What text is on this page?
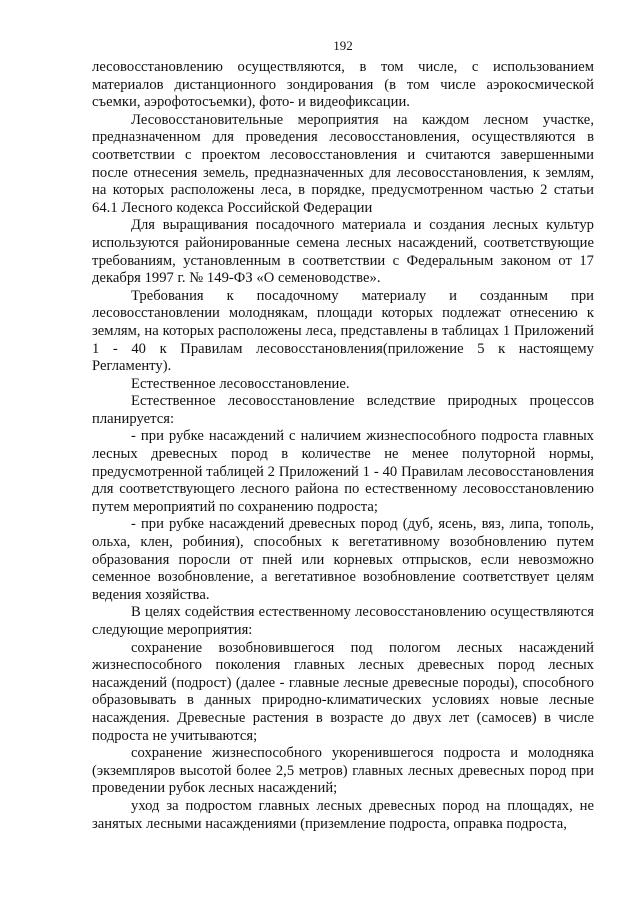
192

лесовосстановлению осуществляются, в том числе, с использованием материалов дистанционного зондирования (в том числе аэрокосмической съемки, аэрофотосъемки), фото- и видеофиксации.

Лесовосстановительные мероприятия на каждом лесном участке, предназначенном для проведения лесовосстановления, осуществляются в соответствии с проектом лесовосстановления и считаются завершенными после отнесения земель, предназначенных для лесовосстановления, к землям, на которых расположены леса, в порядке, предусмотренном частью 2 статьи 64.1 Лесного кодекса Российской Федерации

Для выращивания посадочного материала и создания лесных культур используются районированные семена лесных насаждений, соответствующие требованиям, установленным в соответствии с Федеральным законом от 17 декабря 1997 г. № 149-ФЗ «О семеноводстве».

Требования к посадочному материалу и созданным при лесовосстановлении молоднякам, площади которых подлежат отнесению к землям, на которых расположены леса, представлены в таблицах 1 Приложений 1 - 40 к Правилам лесовосстановления(приложение 5 к настоящему Регламенту).

Естественное лесовосстановление.

Естественное лесовосстановление вследствие природных процессов планируется:

- при рубке насаждений с наличием жизнеспособного подроста главных лесных древесных пород в количестве не менее полуторной нормы, предусмотренной таблицей 2 Приложений 1 - 40 Правилам лесовосстановления для соответствующего лесного района по естественному лесовосстановлению путем мероприятий по сохранению подроста;

- при рубке насаждений древесных пород (дуб, ясень, вяз, липа, тополь, ольха, клен, робиния), способных к вегетативному возобновлению путем образования поросли от пней или корневых отпрысков, если невозможно семенное возобновление, а вегетативное возобновление соответствует целям ведения хозяйства.

В целях содействия естественному лесовосстановлению осуществляются следующие мероприятия:

сохранение возобновившегося под пологом лесных насаждений жизнеспособного поколения главных лесных древесных пород лесных насаждений (подрост) (далее - главные лесные древесные породы), способного образовывать в данных природно-климатических условиях новые лесные насаждения. Древесные растения в возрасте до двух лет (самосев) в числе подроста не учитываются;

сохранение жизнеспособного укоренившегося подроста и молодняка (экземпляров высотой более 2,5 метров) главных лесных древесных пород при проведении рубок лесных насаждений;

уход за подростом главных лесных древесных пород на площадях, не занятых лесными насаждениями (приземление подроста, оправка подроста,
